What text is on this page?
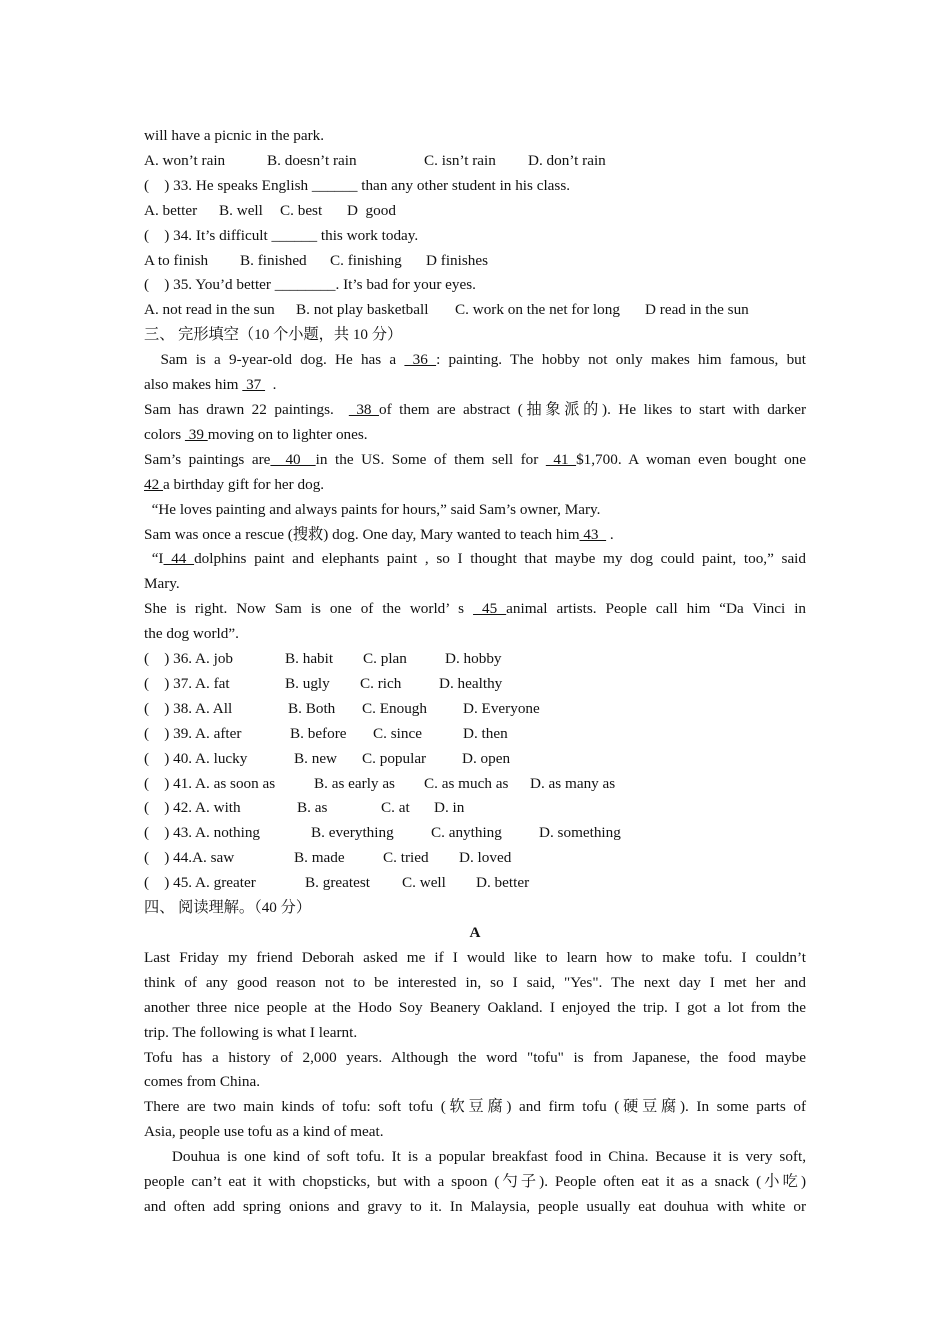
will have a picnic in the park.
A. won’t rain	B. doesn’t rain	C. isn’t rain D. don’t rain
(    ) 33. He speaks English ______ than any other student in his class.
A. better B. well C. best D  good
(    ) 34. It’s difficult ______ this work today.
A to finish B. finished C. finishing D finishes
(    ) 35. You’d better ________. It’s bad for your eyes.
A. not read in the sun B. not play basketball C. work on the net for long D read in the sun
三、 完形填空（10 个小题，共 10 分）
Sam is a 9-year-old dog. He has a  36 : painting. The hobby not only makes him famous, but
also makes him  37   .
Sam has drawn 22 paintings.   38 of them are abstract (抽象派的). He likes to start with darker
colors  39 moving on to lighter ones.
Sam’s paintings are  40  in the US. Some of them sell for  41 $1,700. A woman even bought one
42 a birthday gift for her dog.
“He loves painting and always paints for hours,” said Sam’s owner, Mary.
Sam was once a rescue (搜救) dog. One day, Mary wanted to teach him 43   .
“I 44 dolphins paint and elephants paint , so I thought that maybe my dog could paint, too,” said
Mary.
She is right. Now Sam is one of the world’ s  45 animal artists. People call him “Da Vinci in
the dog world”.
(    ) 36. A. job	B. habit C. plan	D. hobby
(    ) 37. A. fat	B. ugly C. rich D. healthy
(    ) 38. A. All	B. Both C. Enough D. Everyone
(    ) 39. A. after	B. before C. since	D. then
(    ) 40. A. lucky	B. new C. popular D. open
(    ) 41. A. as soon as	B. as early as C. as much as D. as many as
(    ) 42. A. with	B. as	C. at D. in
(    ) 43. A. nothing	B. everything C. anything D. something
(    ) 44.A. saw	B. made	C. tried D. loved
(    ) 45. A. greater	B. greatest C. well D. better
四、 阅读理解。（40 分）
A
Last Friday my friend Deborah asked me if I would like to learn how to make tofu. I couldn’t
think of any good reason not to be interested in, so I said, "Yes". The next day I met her and
another three nice people at the Hodo Soy Beanery Oakland. I enjoyed the trip. I got a lot from the
trip. The following is what I learnt.
Tofu has a history of 2,000 years. Although the word "tofu" is from Japanese, the food maybe
comes from China.
There are two main kinds of tofu: soft tofu (软豆腐) and firm tofu (硬豆腐). In some parts of
Asia, people use tofu as a kind of meat.
Douhua is one kind of soft tofu. It is a popular breakfast food in China. Because it is very soft,
people can’t eat it with chopsticks, but with a spoon (勺子). People often eat it as a snack (小吃)
and often add spring onions and gravy to it. In Malaysia, people usually eat douhua with white or
